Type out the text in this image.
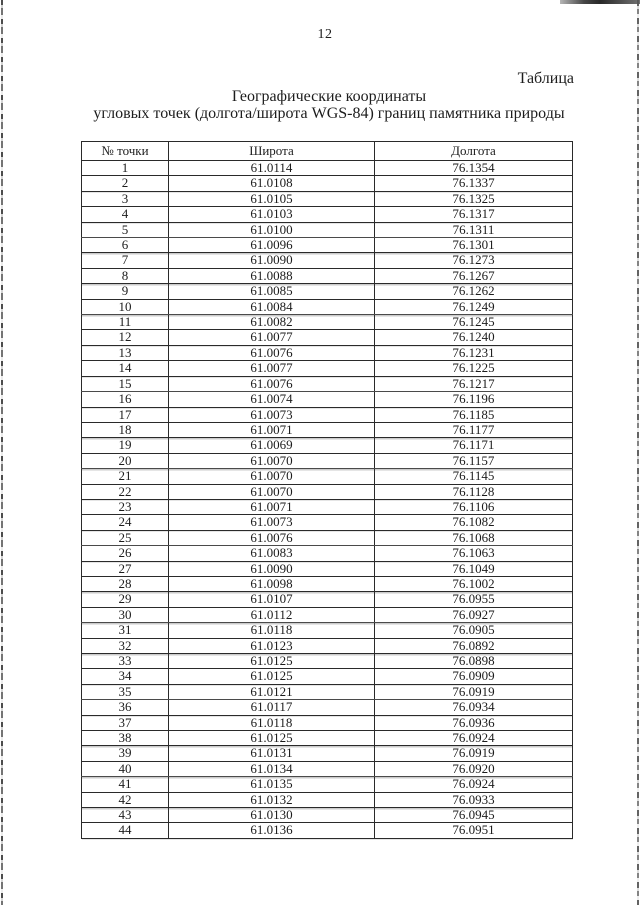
12
Таблица
Географические координаты
угловых точек (долгота/широта WGS-84) границ памятника природы
№ точки	Широта	Долгота
1	61.0114	76.1354
2	61.0108	76.1337
3	61.0105	76.1325
4	61.0103	76.1317
5	61.0100	76.1311
6	61.0096	76.1301
7	61.0090	76.1273
8	61.0088	76.1267
9	61.0085	76.1262
10	61.0084	76.1249
11	61.0082	76.1245
12	61.0077	76.1240
13	61.0076	76.1231
14	61.0077	76.1225
15	61.0076	76.1217
16	61.0074	76.1196
17	61.0073	76.1185
18	61.0071	76.1177
19	61.0069	76.1171
20	61.0070	76.1157
21	61.0070	76.1145
22	61.0070	76.1128
23	61.0071	76.1106
24	61.0073	76.1082
25	61.0076	76.1068
26	61.0083	76.1063
27	61.0090	76.1049
28	61.0098	76.1002
29	61.0107	76.0955
30	61.0112	76.0927
31	61.0118	76.0905
32	61.0123	76.0892
33	61.0125	76.0898
34	61.0125	76.0909
35	61.0121	76.0919
36	61.0117	76.0934
37	61.0118	76.0936
38	61.0125	76.0924
39	61.0131	76.0919
40	61.0134	76.0920
41	61.0135	76.0924
42	61.0132	76.0933
43	61.0130	76.0945
44	61.0136	76.0951
